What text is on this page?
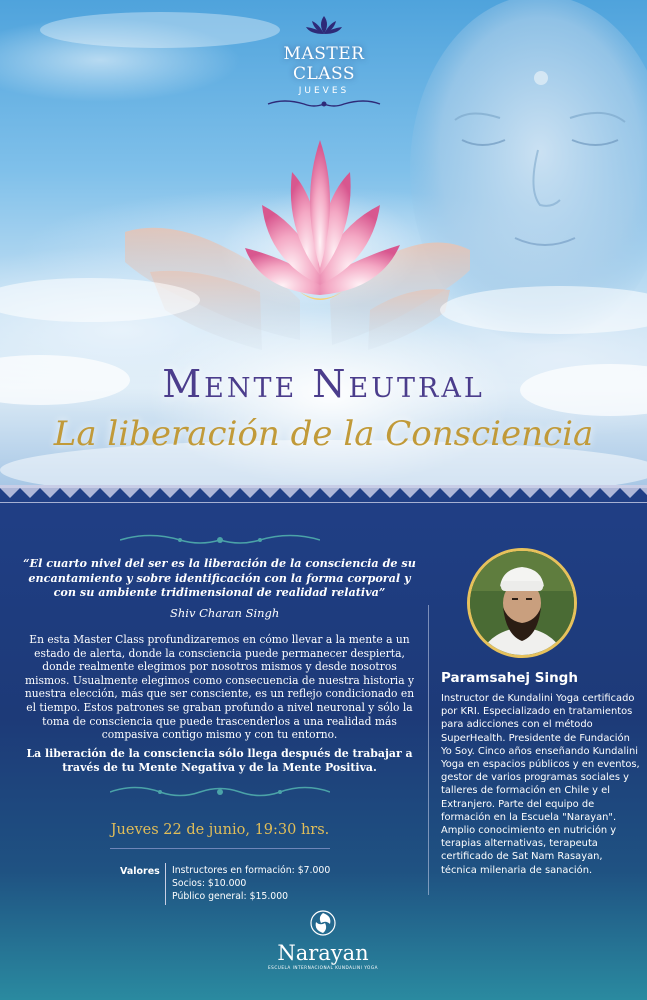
MASTER CLASS
JUEVES
Mente Neutral
La liberación de la Consciencia
“El cuarto nivel del ser es la liberación de la consciencia de su encantamiento y sobre identificación con la forma corporal y con su ambiente tridimensional de realidad relativa”
Shiv Charan Singh
En esta Master Class profundizaremos en cómo llevar a la mente a un estado de alerta, donde la consciencia puede permanecer despierta, donde realmente elegimos por nosotros mismos y desde nosotros mismos. Usualmente elegimos como consecuencia de nuestra historia y nuestra elección, más que ser consciente, es un reflejo condicionado en el tiempo. Estos patrones se graban profundo a nivel neuronal y sólo la toma de consciencia que puede trascenderlos a una realidad más compasiva contigo mismo y con tu entorno.
La liberación de la consciencia sólo llega después de trabajar a través de tu Mente Negativa y de la Mente Positiva.
Jueves 22 de junio, 19:30 hrs.
Valores Instructores en formación: $7.000
Socios: $10.000
Público general: $15.000
Paramsahej Singh
Instructor de Kundalini Yoga certificado por KRI. Especializado en tratamientos para adicciones con el método SuperHealth. Presidente de Fundación Yo Soy. Cinco años enseñando Kundalini Yoga en espacios públicos y en eventos, gestor de varios programas sociales y talleres de formación en Chile y el Extranjero. Parte del equipo de formación en la Escuela "Narayan". Amplio conocimiento en nutrición y terapias alternativas, terapeuta certificado de Sat Nam Rasayan, técnica milenaria de sanación.
Narayan
ESCUELA INTERNACIONAL KUNDALINI YOGA
